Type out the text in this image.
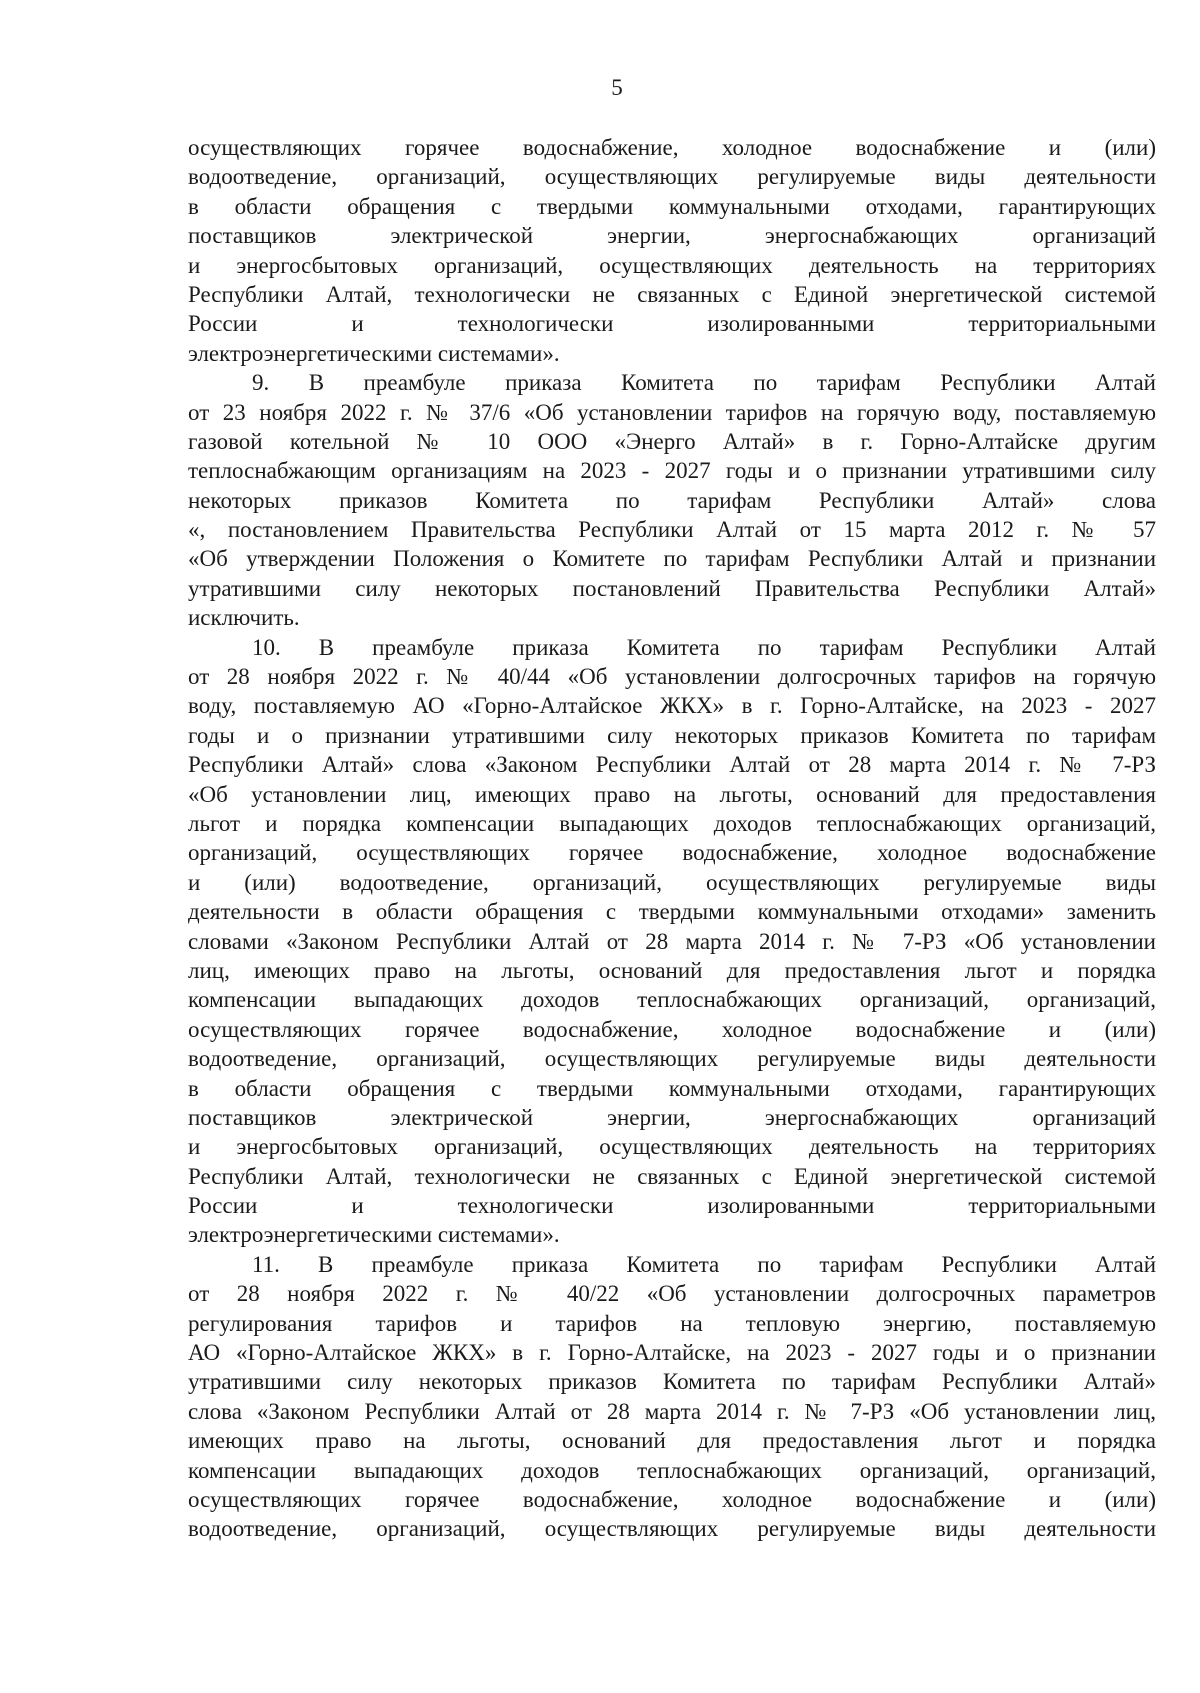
5
осуществляющих горячее водоснабжение, холодное водоснабжение и (или)
водоотведение, организаций, осуществляющих регулируемые виды деятельности
в области обращения с твердыми коммунальными отходами, гарантирующих
поставщиков электрической энергии, энергоснабжающих организаций
и энергосбытовых организаций, осуществляющих деятельность на территориях
Республики Алтай, технологически не связанных с Единой энергетической системой
России и технологически изолированными территориальными
электроэнергетическими системами».
9. В преамбуле приказа Комитета по тарифам Республики Алтай
от 23 ноября 2022 г. № 37/6 «Об установлении тарифов на горячую воду, поставляемую
газовой котельной № 10 ООО «Энерго Алтай» в г. Горно-Алтайске другим
теплоснабжающим организациям на 2023 - 2027 годы и о признании утратившими силу
некоторых приказов Комитета по тарифам Республики Алтай» слова
«, постановлением Правительства Республики Алтай от 15 марта 2012 г. № 57
«Об утверждении Положения о Комитете по тарифам Республики Алтай и признании
утратившими силу некоторых постановлений Правительства Республики Алтай»
исключить.
10. В преамбуле приказа Комитета по тарифам Республики Алтай
от 28 ноября 2022 г. № 40/44 «Об установлении долгосрочных тарифов на горячую
воду, поставляемую АО «Горно-Алтайское ЖКХ» в г. Горно-Алтайске, на 2023 - 2027
годы и о признании утратившими силу некоторых приказов Комитета по тарифам
Республики Алтай» слова «Законом Республики Алтай от 28 марта 2014 г. № 7-РЗ
«Об установлении лиц, имеющих право на льготы, оснований для предоставления
льгот и порядка компенсации выпадающих доходов теплоснабжающих организаций,
организаций, осуществляющих горячее водоснабжение, холодное водоснабжение
и (или) водоотведение, организаций, осуществляющих регулируемые виды
деятельности в области обращения с твердыми коммунальными отходами» заменить
словами «Законом Республики Алтай от 28 марта 2014 г. № 7-РЗ «Об установлении
лиц, имеющих право на льготы, оснований для предоставления льгот и порядка
компенсации выпадающих доходов теплоснабжающих организаций, организаций,
осуществляющих горячее водоснабжение, холодное водоснабжение и (или)
водоотведение, организаций, осуществляющих регулируемые виды деятельности
в области обращения с твердыми коммунальными отходами, гарантирующих
поставщиков электрической энергии, энергоснабжающих организаций
и энергосбытовых организаций, осуществляющих деятельность на территориях
Республики Алтай, технологически не связанных с Единой энергетической системой
России и технологически изолированными территориальными
электроэнергетическими системами».
11. В преамбуле приказа Комитета по тарифам Республики Алтай
от 28 ноября 2022 г. № 40/22 «Об установлении долгосрочных параметров
регулирования тарифов и тарифов на тепловую энергию, поставляемую
АО «Горно-Алтайское ЖКХ» в г. Горно-Алтайске, на 2023 - 2027 годы и о признании
утратившими силу некоторых приказов Комитета по тарифам Республики Алтай»
слова «Законом Республики Алтай от 28 марта 2014 г. № 7-РЗ «Об установлении лиц,
имеющих право на льготы, оснований для предоставления льгот и порядка
компенсации выпадающих доходов теплоснабжающих организаций, организаций,
осуществляющих горячее водоснабжение, холодное водоснабжение и (или)
водоотведение, организаций, осуществляющих регулируемые виды деятельности
